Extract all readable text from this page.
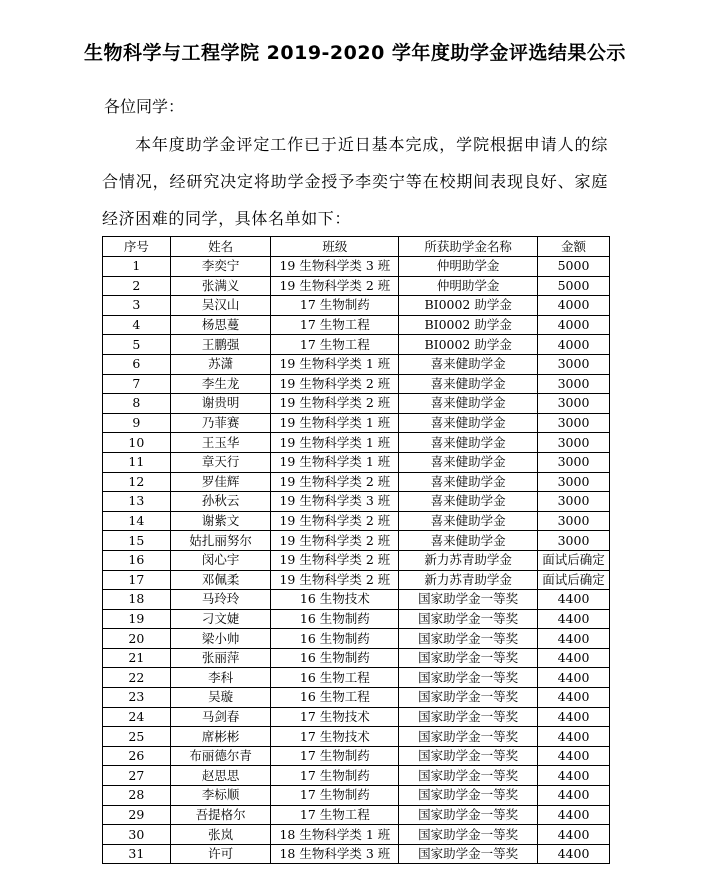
生物科学与工程学院 2019-2020 学年度助学金评选结果公示
各位同学：
本年度助学金评定工作已于近日基本完成，学院根据申请人的综合情况，经研究决定将助学金授予李奕宁等在校期间表现良好、家庭经济困难的同学，具体名单如下：
序号	姓名	班级	所获助学金名称	金额
1	李奕宁	19 生物科学类 3 班	仲明助学金	5000
2	张满义	19 生物科学类 2 班	仲明助学金	5000
3	吴汉山	17 生物制药	BI0002 助学金	4000
4	杨思蔓	17 生物工程	BI0002 助学金	4000
5	王鹏强	17 生物工程	BI0002 助学金	4000
6	苏潇	19 生物科学类 1 班	喜来健助学金	3000
7	李生龙	19 生物科学类 2 班	喜来健助学金	3000
8	谢贵明	19 生物科学类 2 班	喜来健助学金	3000
9	乃菲赛	19 生物科学类 1 班	喜来健助学金	3000
10	王玉华	19 生物科学类 1 班	喜来健助学金	3000
11	章天行	19 生物科学类 1 班	喜来健助学金	3000
12	罗佳辉	19 生物科学类 2 班	喜来健助学金	3000
13	孙秋云	19 生物科学类 3 班	喜来健助学金	3000
14	谢紫文	19 生物科学类 2 班	喜来健助学金	3000
15	姑扎丽努尔	19 生物科学类 2 班	喜来健助学金	3000
16	闵心宇	19 生物科学类 2 班	新力苏青助学金	面试后确定
17	邓佩柔	19 生物科学类 2 班	新力苏青助学金	面试后确定
18	马玲玲	16 生物技术	国家助学金一等奖	4400
19	刁文婕	16 生物制药	国家助学金一等奖	4400
20	梁小帅	16 生物制药	国家助学金一等奖	4400
21	张丽萍	16 生物制药	国家助学金一等奖	4400
22	李科	16 生物工程	国家助学金一等奖	4400
23	吴璇	16 生物工程	国家助学金一等奖	4400
24	马剑春	17 生物技术	国家助学金一等奖	4400
25	席彬彬	17 生物技术	国家助学金一等奖	4400
26	布丽德尔青	17 生物制药	国家助学金一等奖	4400
27	赵思思	17 生物制药	国家助学金一等奖	4400
28	李标顺	17 生物制药	国家助学金一等奖	4400
29	吾提格尔	17 生物工程	国家助学金一等奖	4400
30	张岚	18 生物科学类 1 班	国家助学金一等奖	4400
31	许可	18 生物科学类 3 班	国家助学金一等奖	4400
